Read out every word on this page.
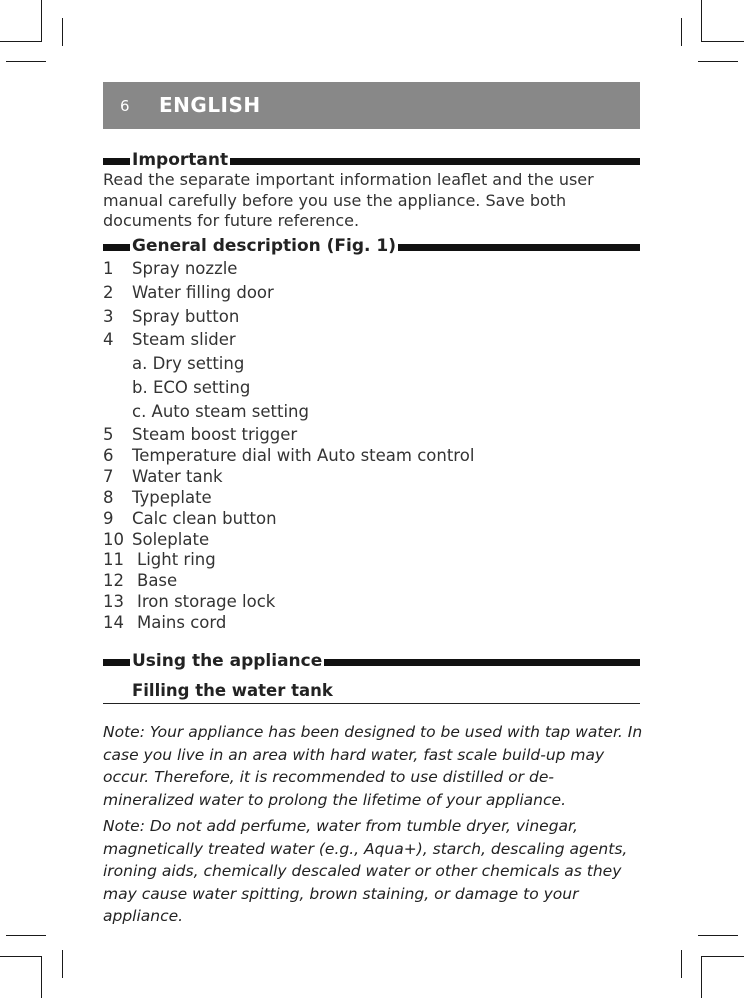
6 ENGLISH
Important
Read the separate important information leaflet and the user manual carefully before you use the appliance. Save both documents for future reference.
General description (Fig. 1)
1 Spray nozzle
2 Water filling door
3 Spray button
4 Steam slider
a. Dry setting
b. ECO setting
c. Auto steam setting
5 Steam boost trigger
6 Temperature dial with Auto steam control
7 Water tank
8 Typeplate
9 Calc clean button
10 Soleplate
11 Light ring
12 Base
13 Iron storage lock
14 Mains cord
Using the appliance
Filling the water tank
Note: Your appliance has been designed to be used with tap water. In case you live in an area with hard water, fast scale build-up may occur. Therefore, it is recommended to use distilled or de-mineralized water to prolong the lifetime of your appliance.
Note: Do not add perfume, water from tumble dryer, vinegar, magnetically treated water (e.g., Aqua+), starch, descaling agents, ironing aids, chemically descaled water or other chemicals as they may cause water spitting, brown staining, or damage to your appliance.
